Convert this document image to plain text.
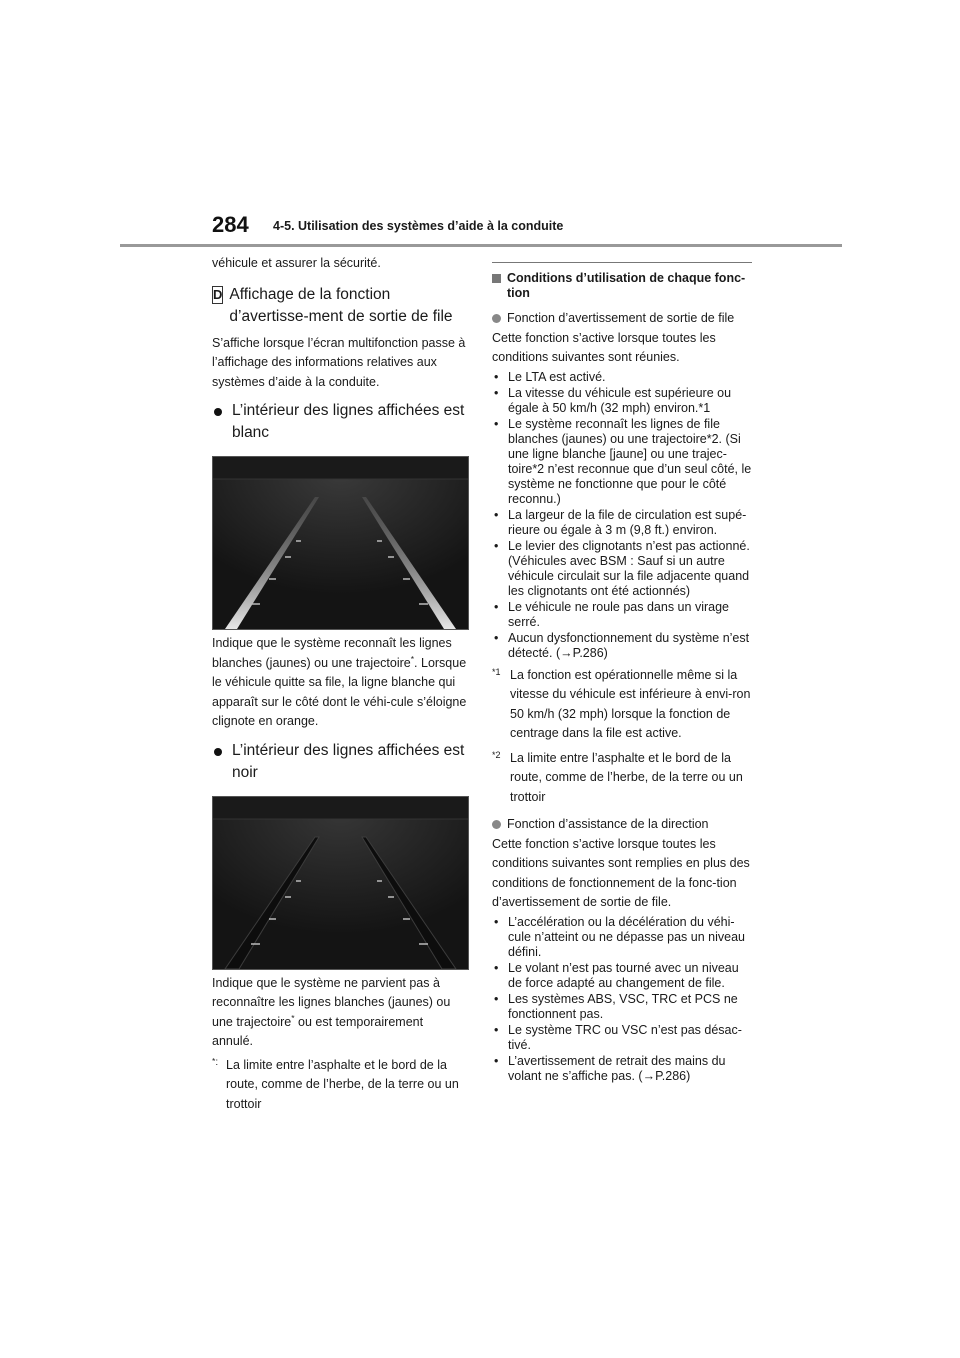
284 4-5. Utilisation des systèmes d’aide à la conduite

véhicule et assurer la sécurité.

D Affichage de la fonction d’avertisse-ment de sortie de file

S’affiche lorsque l’écran multifonction passe à l’affichage des informations relatives aux systèmes d’aide à la conduite.

L’intérieur des lignes affichées est blanc

Indique que le système reconnaît les lignes blanches (jaunes) ou une trajectoire*. Lorsque le véhicule quitte sa file, la ligne blanche qui apparaît sur le côté dont le véhi-cule s’éloigne clignote en orange.

L’intérieur des lignes affichées est noir

Indique que le système ne parvient pas à reconnaître les lignes blanches (jaunes) ou une trajectoire* ou est temporairement annulé.

*: La limite entre l’asphalte et le bord de la route, comme de l’herbe, de la terre ou un trottoir
Conditions d’utilisation de chaque fonc-tion
Fonction d’avertissement de sortie de file

Cette fonction s’active lorsque toutes les conditions suivantes sont réunies.

• Le LTA est activé.
• La vitesse du véhicule est supérieure ou égale à 50 km/h (32 mph) environ.*1
• Le système reconnaît les lignes de file blanches (jaunes) ou une trajectoire*2. (Si une ligne blanche [jaune] ou une trajec-toire*2 n’est reconnue que d’un seul côté, le système ne fonctionne que pour le côté reconnu.)
• La largeur de la file de circulation est supé-rieure ou égale à 3 m (9,8 ft.) environ.
• Le levier des clignotants n’est pas actionné. (Véhicules avec BSM : Sauf si un autre véhicule circulait sur la file adjacente quand les clignotants ont été actionnés)
• Le véhicule ne roule pas dans un virage serré.
• Aucun dysfonctionnement du système n’est détecté. (→P.286)
*1 La fonction est opérationnelle même si la vitesse du véhicule est inférieure à envi-ron 50 km/h (32 mph) lorsque la fonction de centrage dans la file est active.
*2 La limite entre l’asphalte et le bord de la route, comme de l’herbe, de la terre ou un trottoir
Fonction d’assistance de la direction

Cette fonction s’active lorsque toutes les conditions suivantes sont remplies en plus des conditions de fonctionnement de la fonc-tion d’avertissement de sortie de file.

• L’accélération ou la décélération du véhi-cule n’atteint ou ne dépasse pas un niveau défini.
• Le volant n’est pas tourné avec un niveau de force adapté au changement de file.
• Les systèmes ABS, VSC, TRC et PCS ne fonctionnent pas.
• Le système TRC ou VSC n’est pas désac-tivé.
• L’avertissement de retrait des mains du volant ne s’affiche pas. (→P.286)
